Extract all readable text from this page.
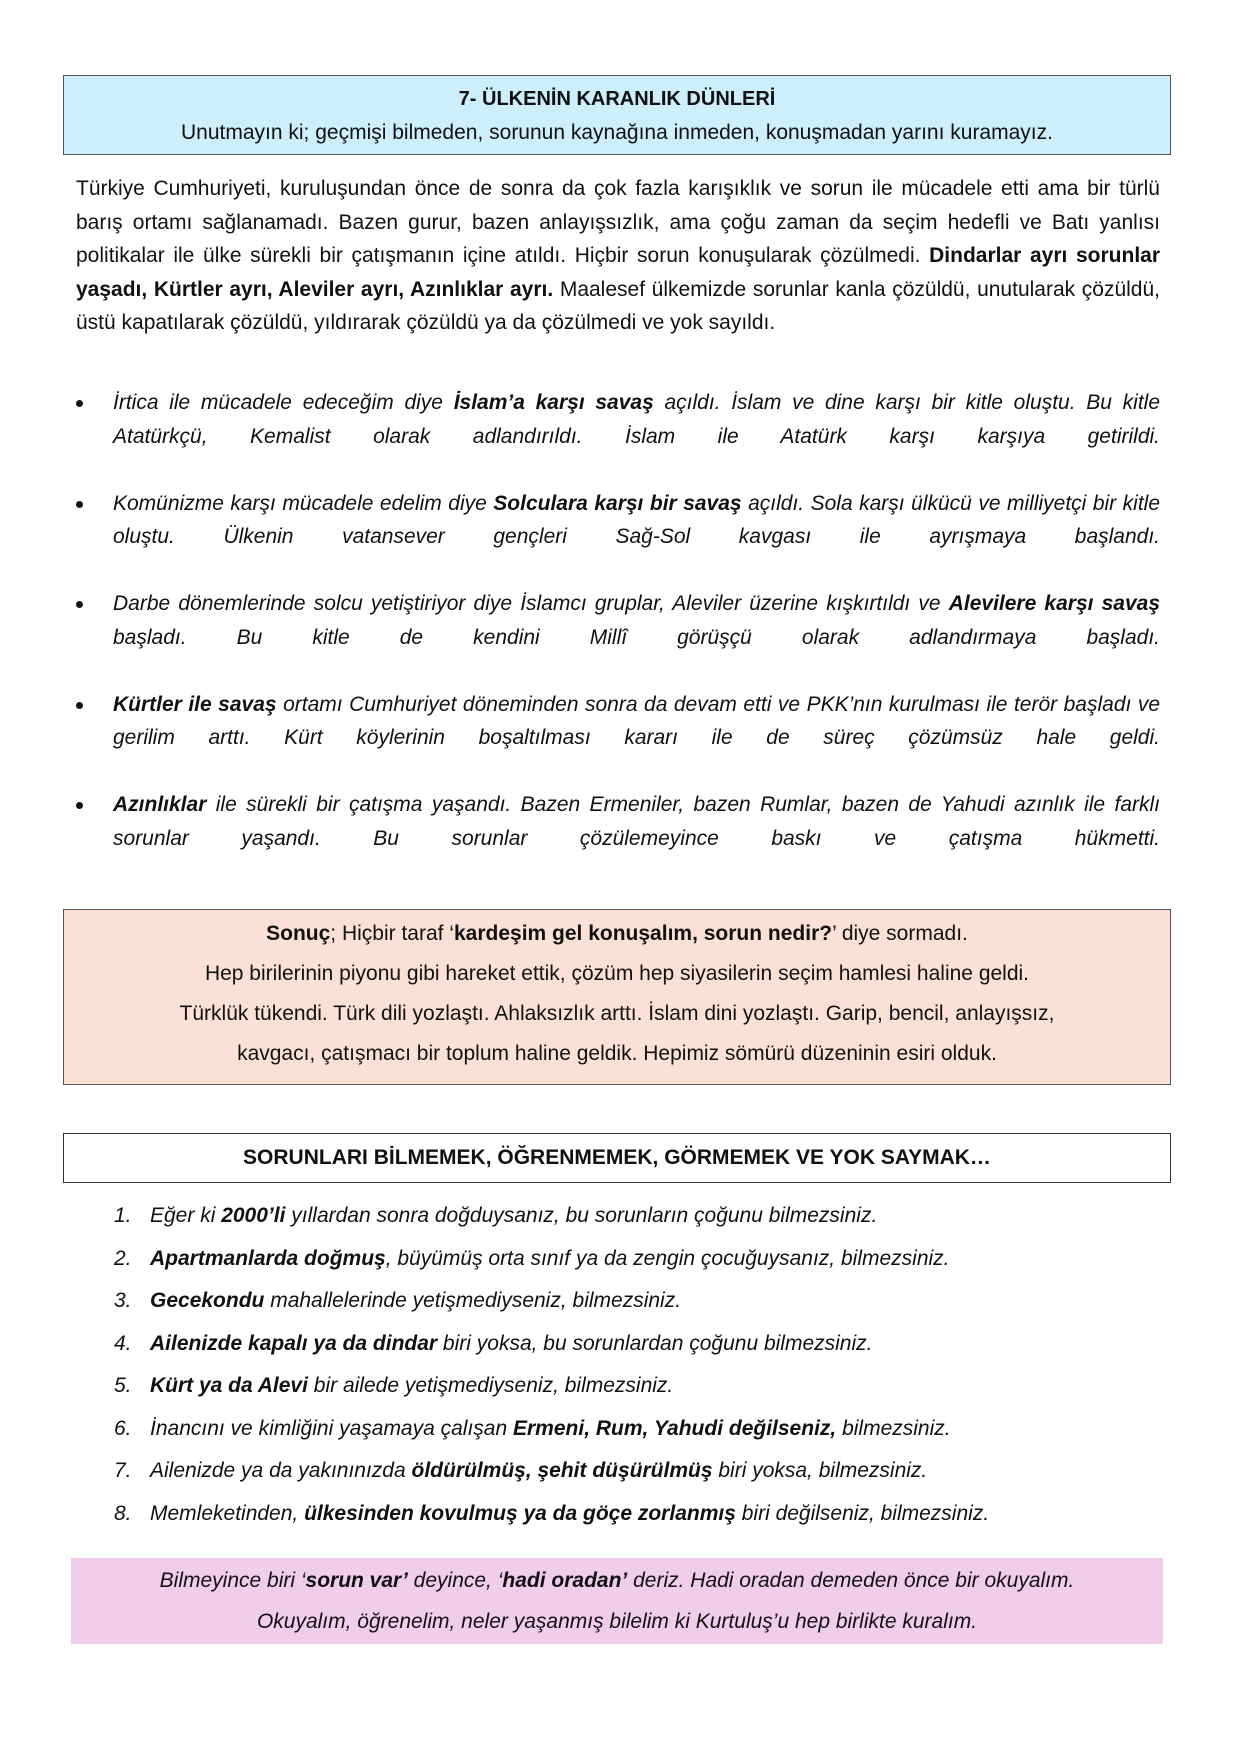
7- ÜLKENİN KARANLIK DÜNLERİ
Unutmayın ki; geçmişi bilmeden, sorunun kaynağına inmeden, konuşmadan yarını kuramayız.

Türkiye Cumhuriyeti, kuruluşundan önce de sonra da çok fazla karışıklık ve sorun ile mücadele etti ama bir türlü barış ortamı sağlanamadı. Bazen gurur, bazen anlayışsızlık, ama çoğu zaman da seçim hedefli ve Batı yanlısı politikalar ile ülke sürekli bir çatışmanın içine atıldı. Hiçbir sorun konuşularak çözülmedi. Dindarlar ayrı sorunlar yaşadı, Kürtler ayrı, Aleviler ayrı, Azınlıklar ayrı. Maalesef ülkemizde sorunlar kanla çözüldü, unutularak çözüldü, üstü kapatılarak çözüldü, yıldırarak çözüldü ya da çözülmedi ve yok sayıldı.

İrtica ile mücadele edeceğim diye İslam’a karşı savaş açıldı. İslam ve dine karşı bir kitle oluştu. Bu kitle Atatürkçü, Kemalist olarak adlandırıldı. İslam ile Atatürk karşı karşıya getirildi.
Komünizme karşı mücadele edelim diye Solculara karşı bir savaş açıldı. Sola karşı ülkücü ve milliyetçi bir kitle oluştu. Ülkenin vatansever gençleri Sağ-Sol kavgası ile ayrışmaya başlandı.
Darbe dönemlerinde solcu yetiştiriyor diye İslamcı gruplar, Aleviler üzerine kışkırtıldı ve Alevilere karşı savaş başladı. Bu kitle de kendini Millî görüşçü olarak adlandırmaya başladı.
Kürtler ile savaş ortamı Cumhuriyet döneminden sonra da devam etti ve PKK’nın kurulması ile terör başladı ve gerilim arttı. Kürt köylerinin boşaltılması kararı ile de süreç çözümsüz hale geldi.
Azınlıklar ile sürekli bir çatışma yaşandı. Bazen Ermeniler, bazen Rumlar, bazen de Yahudi azınlık ile farklı sorunlar yaşandı. Bu sorunlar çözülemeyince baskı ve çatışma hükmetti.
Sonuç; Hiçbir taraf ‘kardeşim gel konuşalım, sorun nedir?’ diye sormadı.
Hep birilerinin piyonu gibi hareket ettik, çözüm hep siyasilerin seçim hamlesi haline geldi.
Türklük tükendi. Türk dili yozlaştı. Ahlaksızlık arttı. İslam dini yozlaştı. Garip, bencil, anlayışsız,
kavgacı, çatışmacı bir toplum haline geldik. Hepimiz sömürü düzeninin esiri olduk.
SORUNLARI BİLMEMEK, ÖĞRENMEMEK, GÖRMEMEK VE YOK SAYMAK…
1. Eğer ki 2000’li yıllardan sonra doğduysanız, bu sorunların çoğunu bilmezsiniz.
2. Apartmanlarda doğmuş, büyümüş orta sınıf ya da zengin çocuğuysanız, bilmezsiniz.
3. Gecekondu mahallelerinde yetişmediyseniz, bilmezsiniz.
4. Ailenizde kapalı ya da dindar biri yoksa, bu sorunlardan çoğunu bilmezsiniz.
5. Kürt ya da Alevi bir ailede yetişmediyseniz, bilmezsiniz.
6. İnancını ve kimliğini yaşamaya çalışan Ermeni, Rum, Yahudi değilseniz, bilmezsiniz.
7. Ailenizde ya da yakınınızda öldürülmüş, şehit düşürülmüş biri yoksa, bilmezsiniz.
8. Memleketinden, ülkesinden kovulmuş ya da göçe zorlanmış biri değilseniz, bilmezsiniz.
Bilmeyince biri ‘sorun var’ deyince, ‘hadi oradan’ deriz. Hadi oradan demeden önce bir okuyalım.
Okuyalım, öğrenelim, neler yaşanmış bilelim ki Kurtuluş’u hep birlikte kuralım.
